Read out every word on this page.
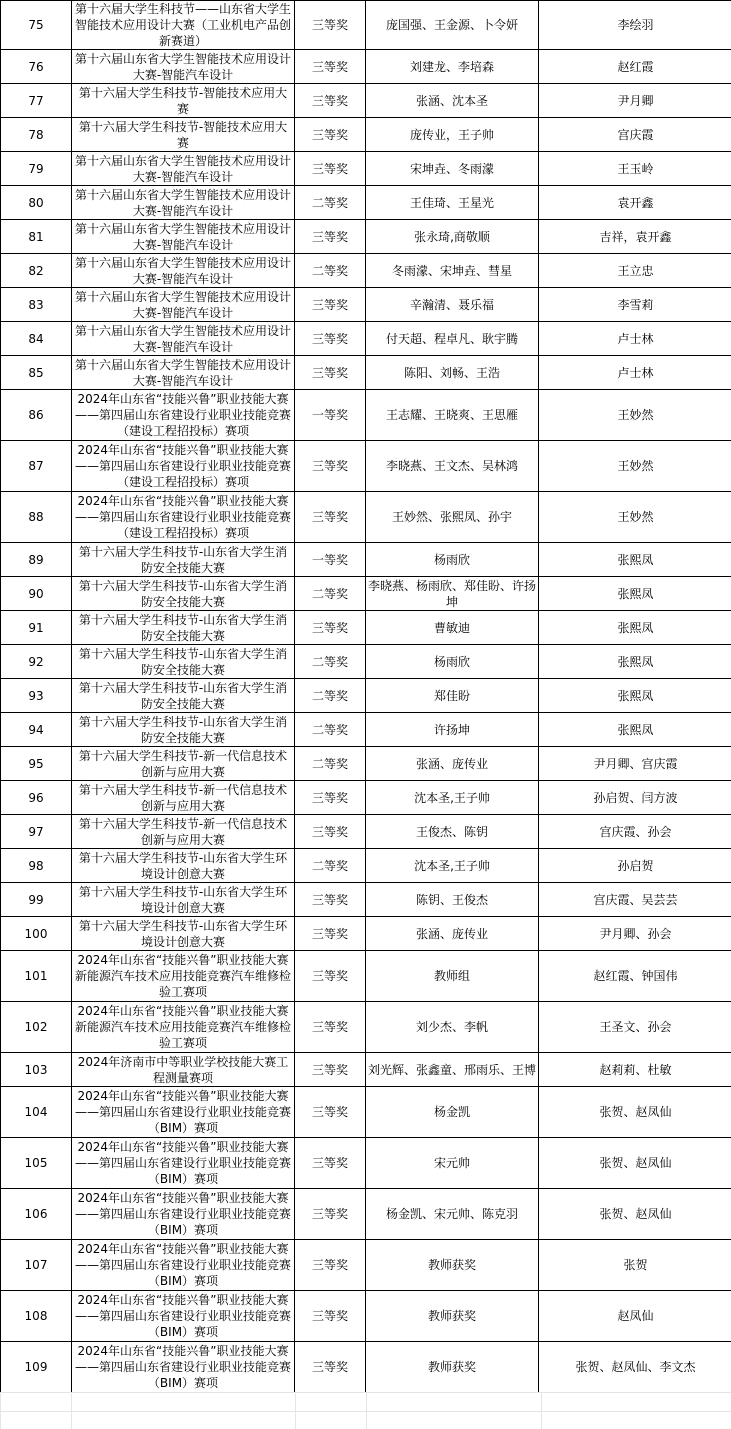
75	第十六届大学生科技节——山东省大学生智能技术应用设计大赛（工业机电产品创新赛道）	三等奖	庞国强、王金源、卜令妍	李绘羽
76	第十六届山东省大学生智能技术应用设计大赛-智能汽车设计	三等奖	刘建龙、李培森	赵红霞
77	第十六届大学生科技节-智能技术应用大赛	三等奖	张涵、沈本圣	尹月卿
78	第十六届大学生科技节-智能技术应用大赛	三等奖	庞传业，王子帅	宫庆霞
79	第十六届山东省大学生智能技术应用设计大赛-智能汽车设计	三等奖	宋坤垚、冬雨濛	王玉岭
80	第十六届山东省大学生智能技术应用设计大赛-智能汽车设计	二等奖	王佳琦、王星光	袁开鑫
81	第十六届山东省大学生智能技术应用设计大赛-智能汽车设计	三等奖	张永琦,商敬顺	吉祥，袁开鑫
82	第十六届山东省大学生智能技术应用设计大赛-智能汽车设计	二等奖	冬雨濛、宋坤垚、彗星	王立忠
83	第十六届山东省大学生智能技术应用设计大赛-智能汽车设计	三等奖	辛瀚清、聂乐福	李雪莉
84	第十六届山东省大学生智能技术应用设计大赛-智能汽车设计	三等奖	付天超、程卓凡、耿宇腾	卢士林
85	第十六届山东省大学生智能技术应用设计大赛-智能汽车设计	三等奖	陈阳、刘畅、王浩	卢士林
86	2024年山东省“技能兴鲁”职业技能大赛——第四届山东省建设行业职业技能竞赛（建设工程招投标）赛项	一等奖	王志耀、王晓爽、王思雁	王妙然
87	2024年山东省“技能兴鲁”职业技能大赛——第四届山东省建设行业职业技能竞赛（建设工程招投标）赛项	三等奖	李晓燕、王文杰、吴林鸿	王妙然
88	2024年山东省“技能兴鲁”职业技能大赛——第四届山东省建设行业职业技能竞赛（建设工程招投标）赛项	三等奖	王妙然、张熙凤、孙宇	王妙然
89	第十六届大学生科技节-山东省大学生消防安全技能大赛	一等奖	杨雨欣	张熙凤
90	第十六届大学生科技节-山东省大学生消防安全技能大赛	二等奖	李晓燕、杨雨欣、郑佳盼、许扬坤	张熙凤
91	第十六届大学生科技节-山东省大学生消防安全技能大赛	三等奖	曹敏迪	张熙凤
92	第十六届大学生科技节-山东省大学生消防安全技能大赛	二等奖	杨雨欣	张熙凤
93	第十六届大学生科技节-山东省大学生消防安全技能大赛	二等奖	郑佳盼	张熙凤
94	第十六届大学生科技节-山东省大学生消防安全技能大赛	二等奖	许扬坤	张熙凤
95	第十六届大学生科技节-新一代信息技术创新与应用大赛	二等奖	张涵、庞传业	尹月卿、宫庆霞
96	第十六届大学生科技节-新一代信息技术创新与应用大赛	三等奖	沈本圣,王子帅	孙启贺、闫方波
97	第十六届大学生科技节-新一代信息技术创新与应用大赛	三等奖	王俊杰、陈钥	宫庆霞、孙会
98	第十六届大学生科技节-山东省大学生环境设计创意大赛	二等奖	沈本圣,王子帅	孙启贺
99	第十六届大学生科技节-山东省大学生环境设计创意大赛	三等奖	陈钥、王俊杰	宫庆霞、吴芸芸
100	第十六届大学生科技节-山东省大学生环境设计创意大赛	三等奖	张涵、庞传业	尹月卿、孙会
101	2024年山东省“技能兴鲁”职业技能大赛新能源汽车技术应用技能竞赛汽车维修检验工赛项	三等奖	教师组	赵红霞、钟国伟
102	2024年山东省“技能兴鲁”职业技能大赛新能源汽车技术应用技能竞赛汽车维修检验工赛项	三等奖	刘少杰、李帆	王圣文、孙会
103	2024年济南市中等职业学校技能大赛工程测量赛项	三等奖	刘光辉、张鑫童、邢雨乐、王博	赵莉莉、杜敏
104	2024年山东省“技能兴鲁”职业技能大赛——第四届山东省建设行业职业技能竞赛（BIM）赛项	三等奖	杨金凯	张贺、赵凤仙
105	2024年山东省“技能兴鲁”职业技能大赛——第四届山东省建设行业职业技能竞赛（BIM）赛项	三等奖	宋元帅	张贺、赵凤仙
106	2024年山东省“技能兴鲁”职业技能大赛——第四届山东省建设行业职业技能竞赛（BIM）赛项	三等奖	杨金凯、宋元帅、陈克羽	张贺、赵凤仙
107	2024年山东省“技能兴鲁”职业技能大赛——第四届山东省建设行业职业技能竞赛（BIM）赛项	三等奖	教师获奖	张贺
108	2024年山东省“技能兴鲁”职业技能大赛——第四届山东省建设行业职业技能竞赛（BIM）赛项	三等奖	教师获奖	赵凤仙
109	2024年山东省“技能兴鲁”职业技能大赛——第四届山东省建设行业职业技能竞赛（BIM）赛项	三等奖	教师获奖	张贺、赵凤仙、李文杰
